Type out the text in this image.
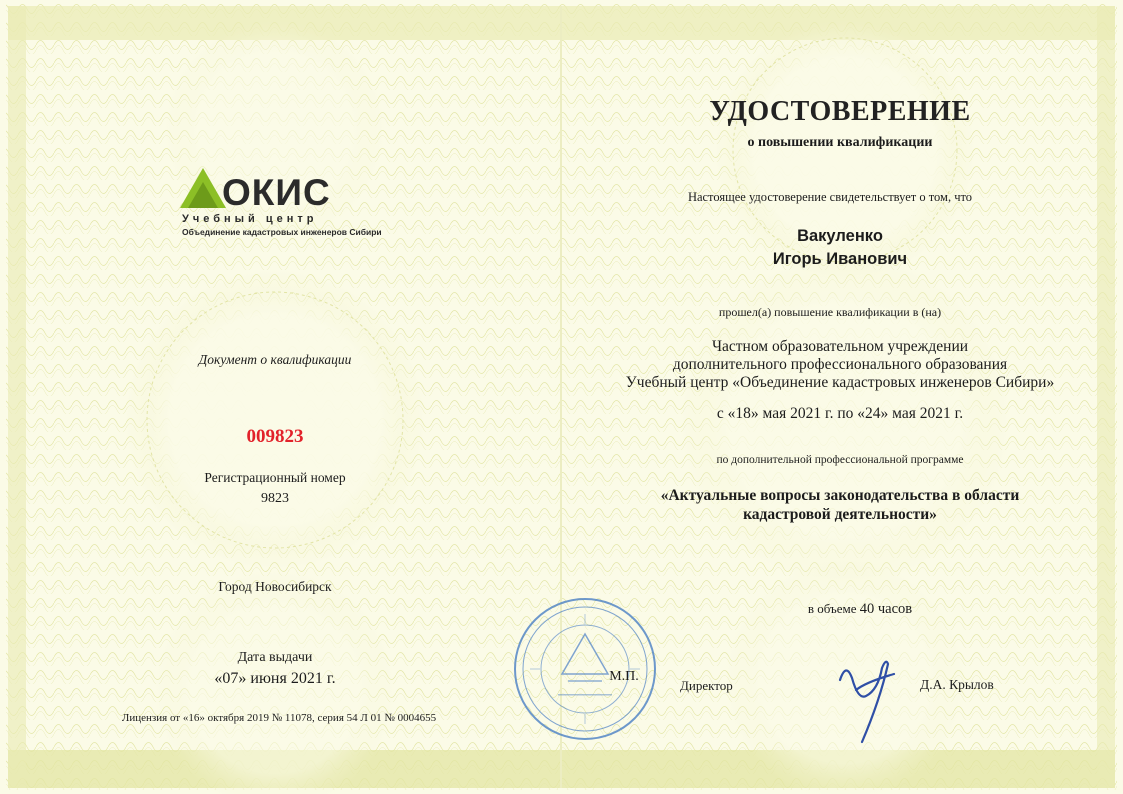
ОКИС
Учебный центр
Объединение кадастровых инженеров Сибири
Документ о квалификации
009823
Регистрационный номер
9823
Город Новосибирск
Дата выдачи
«07» июня 2021 г.
Лицензия от «16» октября 2019 № 11078, серия 54 Л 01 № 0004655
УДОСТОВЕРЕНИЕ
о повышении квалификации
Настоящее удостоверение свидетельствует о том, что
Вакуленко
Игорь Иванович
прошел(а) повышение квалификации в (на)
Частном образовательном учреждении
дополнительного профессионального образования
Учебный центр «Объединение кадастровых инженеров Сибири»
с «18» мая 2021 г. по «24» мая 2021 г.
по дополнительной профессиональной программе
«Актуальные вопросы законодательства в области
кадастровой деятельности»
в объеме 40 часов
М.П.
Директор	Д.А. Крылов
